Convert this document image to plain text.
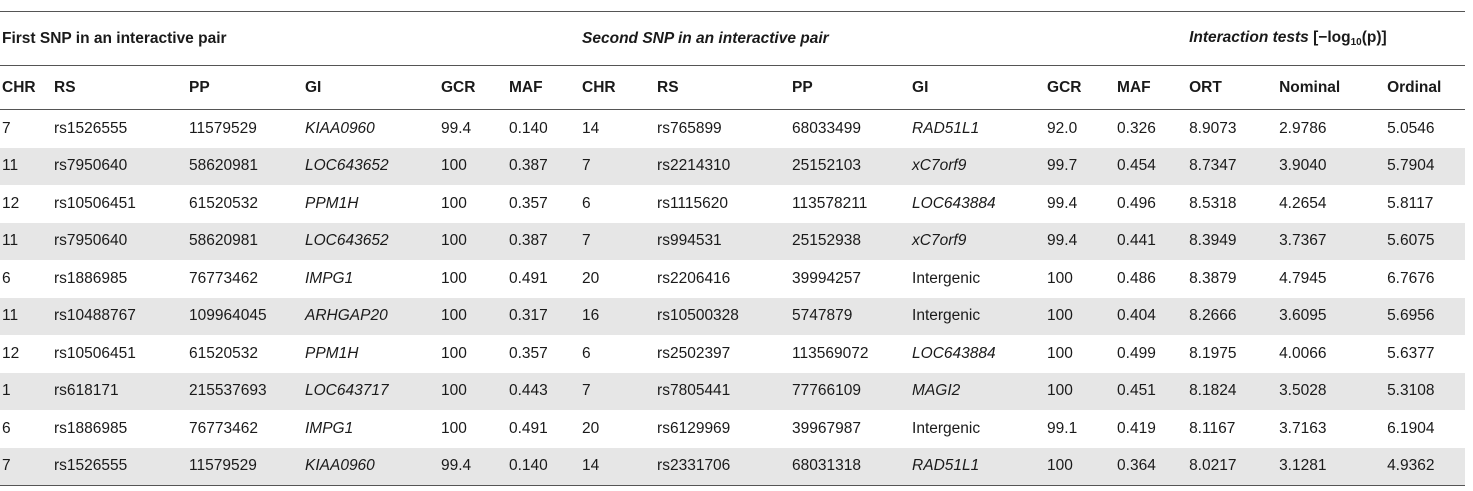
First SNP in an interactive pair						Second SNP in an interactive pair						Interaction tests $[-\log_{10}(p)]$		
CHR	RS	PP	GI	GCR	MAF	CHR	RS	PP	GI	GCR	MAF	ORT	Nominal	Ordinal
7	rs1526555	11579529	KIAA0960	99.4	0.140	14	rs765899	68033499	RAD51L1	92.0	0.326	8.9073	2.9786	5.0546
11	rs7950640	58620981	LOC643652	100	0.387	7	rs2214310	25152103	xC7orf9	99.7	0.454	8.7347	3.9040	5.7904
12	rs10506451	61520532	PPM1H	100	0.357	6	rs1115620	113578211	LOC643884	99.4	0.496	8.5318	4.2654	5.8117
11	rs7950640	58620981	LOC643652	100	0.387	7	rs994531	25152938	xC7orf9	99.4	0.441	8.3949	3.7367	5.6075
6	rs1886985	76773462	IMPG1	100	0.491	20	rs2206416	39994257	Intergenic	100	0.486	8.3879	4.7945	6.7676
11	rs10488767	109964045	ARHGAP20	100	0.317	16	rs10500328	5747879	Intergenic	100	0.404	8.2666	3.6095	5.6956
12	rs10506451	61520532	PPM1H	100	0.357	6	rs2502397	113569072	LOC643884	100	0.499	8.1975	4.0066	5.6377
1	rs618171	215537693	LOC643717	100	0.443	7	rs7805441	77766109	MAGI2	100	0.451	8.1824	3.5028	5.3108
6	rs1886985	76773462	IMPG1	100	0.491	20	rs6129969	39967987	Intergenic	99.1	0.419	8.1167	3.7163	6.1904
7	rs1526555	11579529	KIAA0960	99.4	0.140	14	rs2331706	68031318	RAD51L1	100	0.364	8.0217	3.1281	4.9362
